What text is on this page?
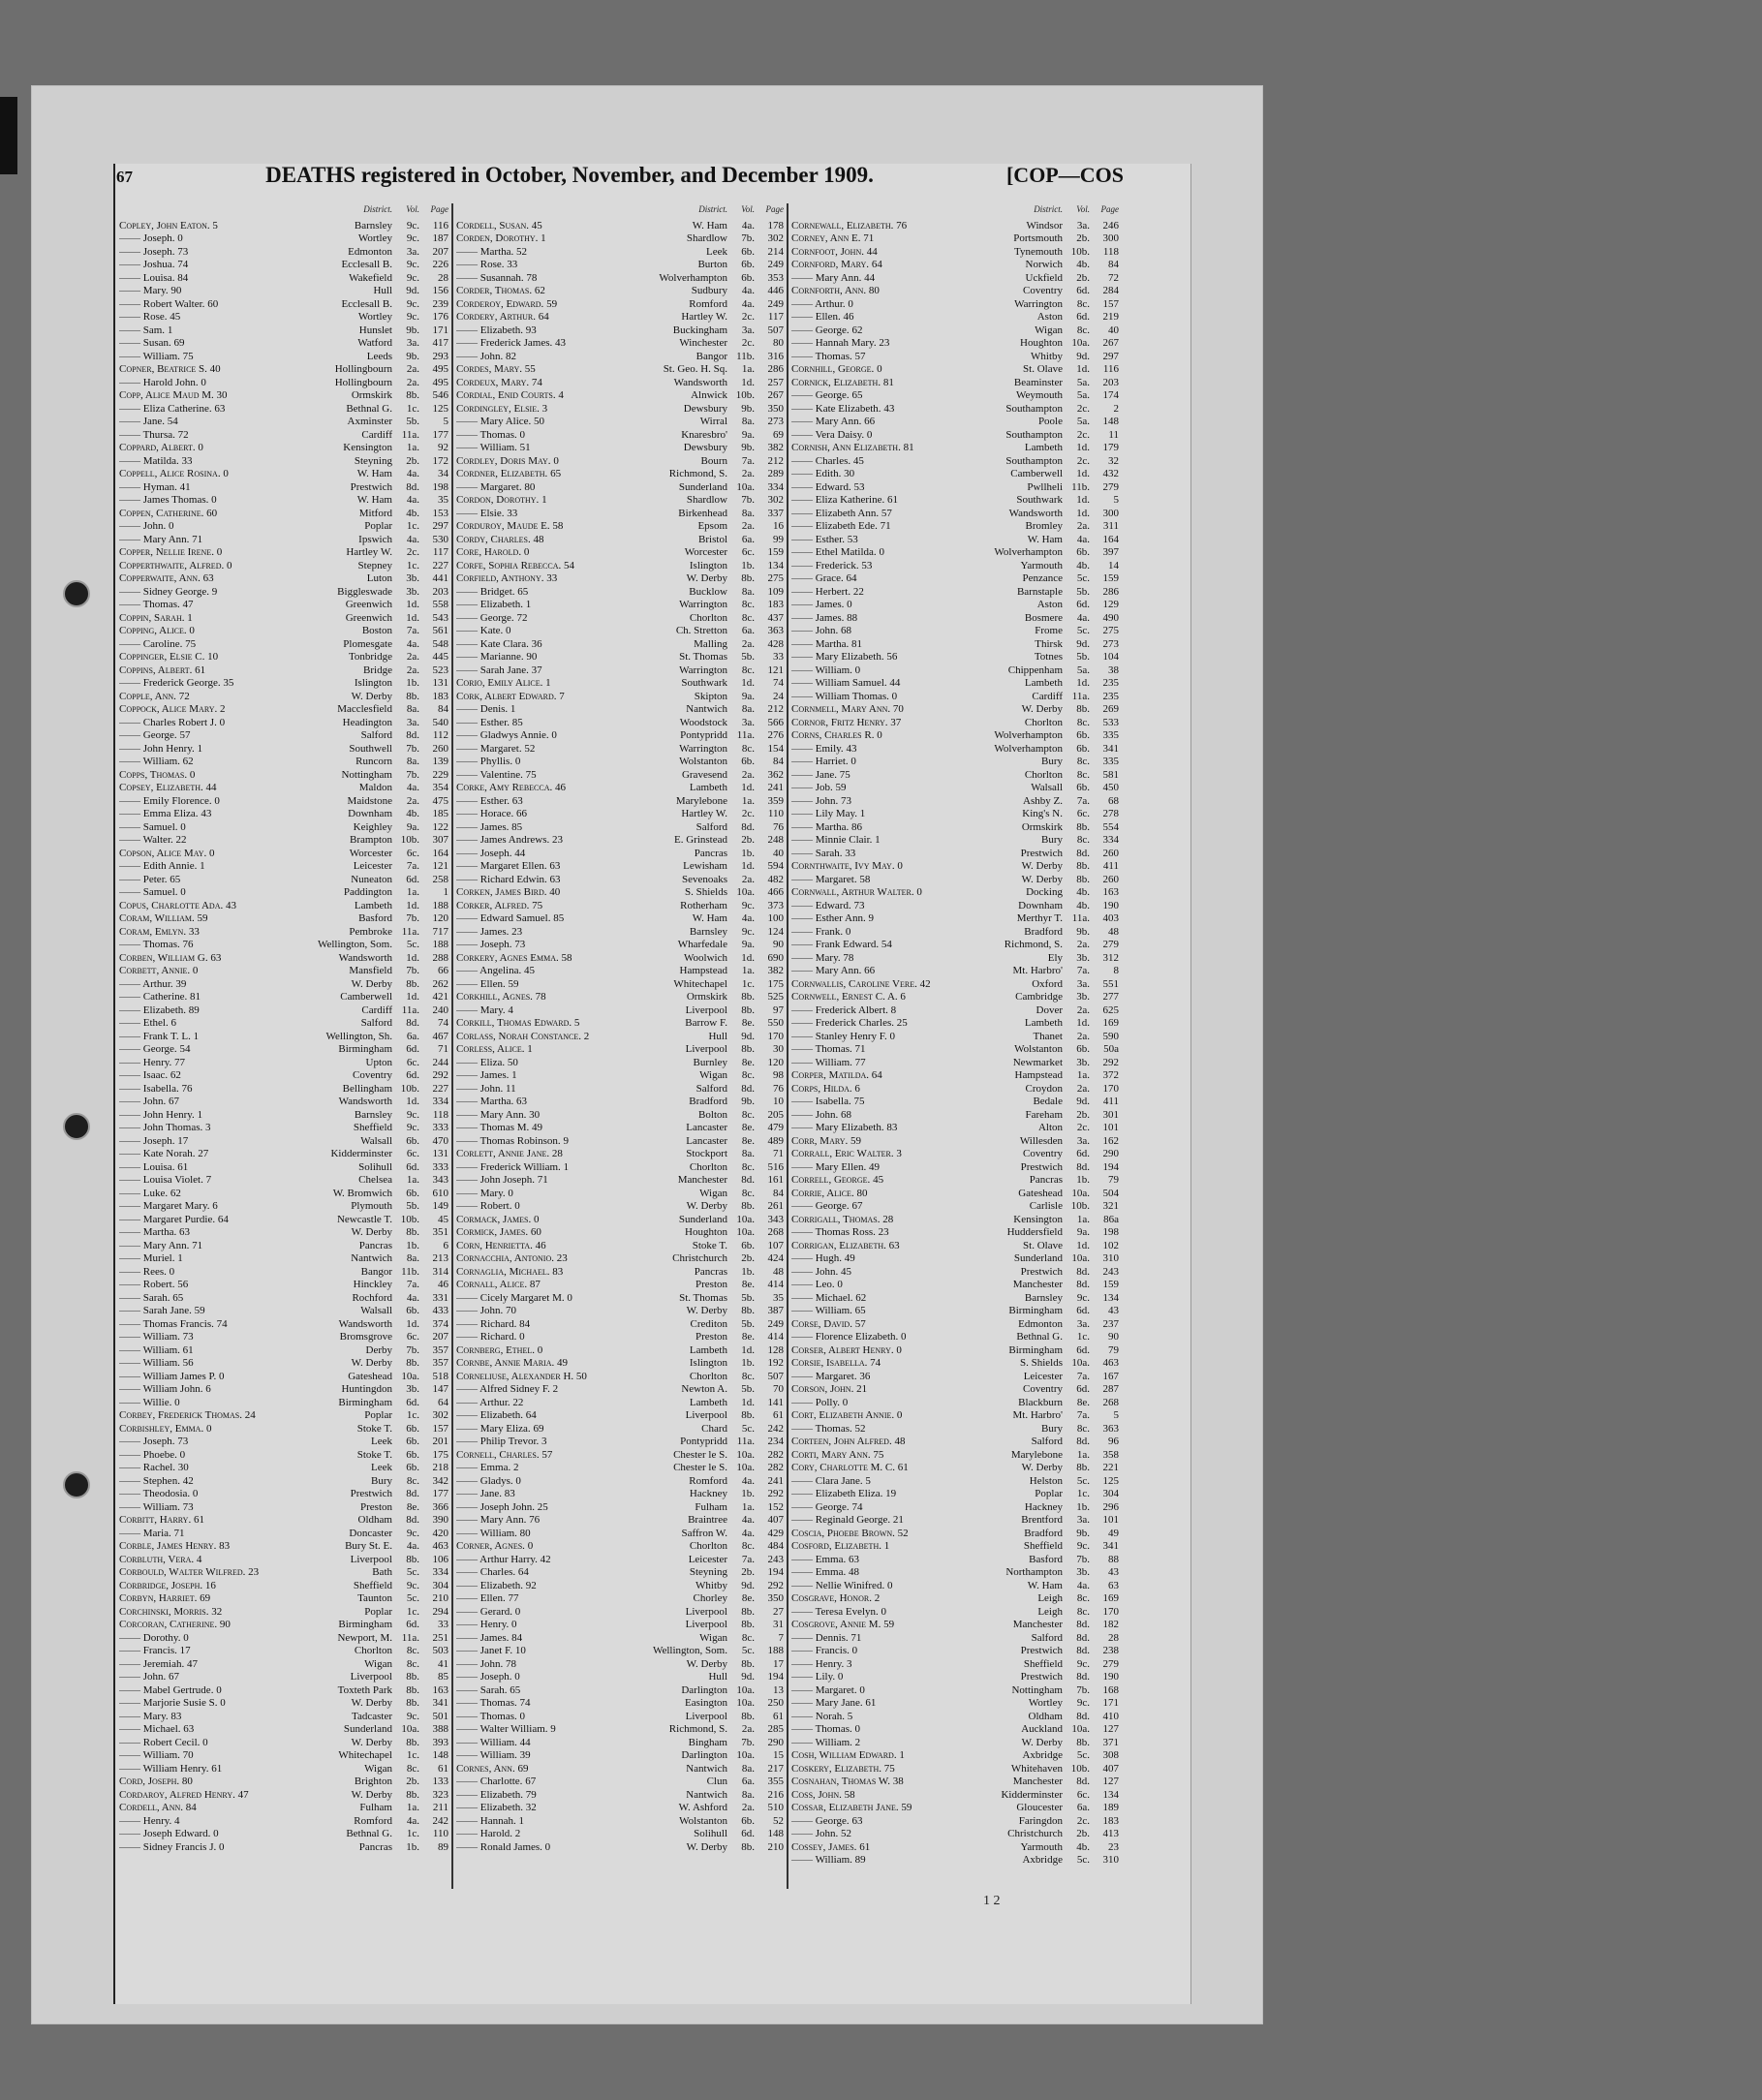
67	DEATHS registered in October, November, and December 1909.	[COP—COS
District.	Vol.	Page
Copley, John Eaton. 5	Barnsley	9c.	116
—— Joseph. 0	Wortley	9c.	187
—— Joseph. 73	Edmonton	3a.	207
—— Joshua. 74	Ecclesall B.	9c.	226
—— Louisa. 84	Wakefield	9c.	28
—— Mary. 90	Hull	9d.	156
—— Robert Walter. 60	Ecclesall B.	9c.	239
—— Rose. 45	Wortley	9c.	176
—— Sam. 1	Hunslet	9b.	171
—— Susan. 69	Watford	3a.	417
—— William. 75	Leeds	9b.	293
Copner, Beatrice S. 40	Hollingbourn	2a.	495
—— Harold John. 0	Hollingbourn	2a.	495
Copp, Alice Maud M. 30	Ormskirk	8b.	546
—— Eliza Catherine. 63	Bethnal G.	1c.	125
—— Jane. 54	Axminster	5b.	5
—— Thursa. 72	Cardiff 11a.	177
Coppard, Albert. 0	Kensington	1a.	92
—— Matilda. 33	Steyning	2b.	172
Coppell, Alice Rosina. 0	W. Ham	4a.	34
—— Hyman. 41	Prestwich	8d.	198
—— James Thomas. 0	W. Ham	4a.	35
Coppen, Catherine. 60	Mitford	4b.	153
—— John. 0	Poplar	1c.	297
—— Mary Ann. 71	Ipswich	4a.	530
Copper, Nellie Irene. 0	Hartley W.	2c.	117
Copperthwaite, Alfred. 0	Stepney	1c.	227
Copperwaite, Ann. 63	Luton	3b.	441
—— Sidney George. 9	Biggleswade	3b.	203
—— Thomas. 47	Greenwich	1d.	558
Coppin, Sarah. 1	Greenwich	1d.	543
Copping, Alice. 0	Boston	7a.	561
—— Caroline. 75	Plomesgate	4a.	548
Coppinger, Elsie C. 10	Tonbridge	2a.	445
Coppins, Albert. 61	Bridge	2a.	523
—— Frederick George. 35	Islington	1b.	131
Copple, Ann. 72	W. Derby	8b.	183
Coppock, Alice Mary. 2	Macclesfield	8a.	84
—— Charles Robert J. 0	Headington	3a.	540
—— George. 57	Salford	8d.	112
—— John Henry. 1	Southwell	7b.	260
—— William. 62	Runcorn	8a.	139
Copps, Thomas. 0	Nottingham	7b.	229
Copsey, Elizabeth. 44	Maldon	4a.	354
—— Emily Florence. 0	Maidstone	2a.	475
—— Emma Eliza. 43	Downham	4b.	185
—— Samuel. 0	Keighley	9a.	122
—— Walter. 22	Brampton 10b.	307
Copson, Alice May. 0	Worcester	6c.	164
—— Edith Annie. 1	Leicester	7a.	121
—— Peter. 65	Nuneaton	6d.	258
—— Samuel. 0	Paddington	1a.	1
Copus, Charlotte Ada. 43	Lambeth	1d.	188
Coram, William. 59	Basford	7b.	120
Coram, Emlyn. 33	Pembroke 11a.	717
—— Thomas. 76	Wellington, Som.	5c.	188
Corben, William G. 63	Wandsworth	1d.	288
Corbett, Annie. 0	Mansfield	7b.	66
—— Arthur. 39	W. Derby	8b.	262
—— Catherine. 81	Camberwell	1d.	421
—— Elizabeth. 89	Cardiff 11a.	240
—— Ethel. 6	Salford	8d.	74
—— Frank T. L. 1	Wellington, Sh.	6a.	467
—— George. 54	Birmingham	6d.	71
—— Henry. 77	Upton	6c.	244
—— Isaac. 62	Coventry	6d.	292
—— Isabella. 76	Bellingham 10b.	227
—— John. 67	Wandsworth	1d.	334
—— John Henry. 1	Barnsley	9c.	118
—— John Thomas. 3	Sheffield	9c.	333
—— Joseph. 17	Walsall	6b.	470
—— Kate Norah. 27	Kidderminster	6c.	131
—— Louisa. 61	Solihull	6d.	333
—— Louisa Violet. 7	Chelsea	1a.	343
—— Luke. 62	W. Bromwich	6b.	610
—— Margaret Mary. 6	Plymouth	5b.	149
—— Margaret Purdie. 64	Newcastle T. 10b.	45
—— Martha. 63	W. Derby	8b.	351
—— Mary Ann. 71	Pancras	1b.	6
—— Muriel. 1	Nantwich	8a.	213
—— Rees. 0	Bangor 11b.	314
—— Robert. 56	Hinckley	7a.	46
—— Sarah. 65	Rochford	4a.	331
—— Sarah Jane. 59	Walsall	6b.	433
—— Thomas Francis. 74	Wandsworth	1d.	374
—— William. 73	Bromsgrove	6c.	207
—— William. 61	Derby	7b.	357
—— William. 56	W. Derby	8b.	357
—— William James P. 0	Gateshead 10a.	518
—— William John. 6	Huntingdon	3b.	147
—— Willie. 0	Birmingham	6d.	64
Corbey, Frederick Thomas. 24	Poplar	1c.	302
Corbishley, Emma. 0	Stoke T.	6b.	157
—— Joseph. 73	Leek	6b.	201
—— Phoebe. 0	Stoke T.	6b.	175
—— Rachel. 30	Leek	6b.	218
—— Stephen. 42	Bury	8c.	342
—— Theodosia. 0	Prestwich	8d.	177
—— William. 73	Preston	8e.	366
Corbitt, Harry. 61	Oldham	8d.	390
—— Maria. 71	Doncaster	9c.	420
Corble, James Henry. 83	Bury St. E.	4a.	463
Corbluth, Vera. 4	Liverpool	8b.	106
Corbould, Walter Wilfred. 23	Bath	5c.	334
Corbridge, Joseph. 16	Sheffield	9c.	304
Corbyn, Harriet. 69	Taunton	5c.	210
Corchinski, Morris. 32	Poplar	1c.	294
Corcoran, Catherine. 90	Birmingham	6d.	33
—— Dorothy. 0	Newport, M. 11a.	251
—— Francis. 17	Chorlton	8c.	503
—— Jeremiah. 47	Wigan	8c.	41
—— John. 67	Liverpool	8b.	85
—— Mabel Gertrude. 0	Toxteth Park	8b.	163
—— Marjorie Susie S. 0	W. Derby	8b.	341
—— Mary. 83	Tadcaster	9c.	501
—— Michael. 63	Sunderland 10a.	388
—— Robert Cecil. 0	W. Derby	8b.	393
—— William. 70	Whitechapel	1c.	148
—— William Henry. 61	Wigan	8c.	61
Cord, Joseph. 80	Brighton	2b.	133
Cordaroy, Alfred Henry. 47	W. Derby	8b.	323
Cordell, Ann. 84	Fulham	1a.	211
—— Henry. 4	Romford	4a.	242
—— Joseph Edward. 0	Bethnal G.	1c.	110
—— Sidney Francis J. 0	Pancras	1b.	89
District.	Vol.	Page
Cordell, Susan. 45	W. Ham	4a.	178
Corden, Dorothy. 1	Shardlow	7b.	302
—— Martha. 52	Leek	6b.	214
—— Rose. 33	Burton	6b.	249
—— Susannah. 78	Wolverhampton	6b.	353
Corder, Thomas. 62	Sudbury	4a.	446
Corderoy, Edward. 59	Romford	4a.	249
Cordery, Arthur. 64	Hartley W.	2c.	117
—— Elizabeth. 93	Buckingham	3a.	507
—— Frederick James. 43	Winchester	2c.	80
—— John. 82	Bangor 11b.	316
Cordes, Mary. 55	St. Geo. H. Sq.	1a.	286
Cordeux, Mary. 74	Wandsworth	1d.	257
Cordial, Enid Courts. 4	Alnwick 10b.	267
Cordingley, Elsie. 3	Dewsbury	9b.	350
—— Mary Alice. 50	Wirral	8a.	273
—— Thomas. 0	Knaresbro'	9a.	69
—— William. 51	Dewsbury	9b.	382
Cordley, Doris May. 0	Bourn	7a.	212
Cordner, Elizabeth. 65	Richmond, S.	2a.	289
—— Margaret. 80	Sunderland 10a.	334
Cordon, Dorothy. 1	Shardlow	7b.	302
—— Elsie. 33	Birkenhead	8a.	337
Corduroy, Maude E. 58	Epsom	2a.	16
Cordy, Charles. 48	Bristol	6a.	99
Core, Harold. 0	Worcester	6c.	159
Corfe, Sophia Rebecca. 54	Islington	1b.	134
Corfield, Anthony. 33	W. Derby	8b.	275
—— Bridget. 65	Bucklow	8a.	109
—— Elizabeth. 1	Warrington	8c.	183
—— George. 72	Chorlton	8c.	437
—— Kate. 0	Ch. Stretton	6a.	363
—— Kate Clara. 36	Malling	2a.	428
—— Marianne. 90	St. Thomas	5b.	33
—— Sarah Jane. 37	Warrington	8c.	121
Corio, Emily Alice. 1	Southwark	1d.	74
Cork, Albert Edward. 7	Skipton	9a.	24
—— Denis. 1	Nantwich	8a.	212
—— Esther. 85	Woodstock	3a.	566
—— Gladwys Annie. 0	Pontypridd 11a.	276
—— Margaret. 52	Warrington	8c.	154
—— Phyllis. 0	Wolstanton	6b.	84
—— Valentine. 75	Gravesend	2a.	362
Corke, Amy Rebecca. 46	Lambeth	1d.	241
—— Esther. 63	Marylebone	1a.	359
—— Horace. 66	Hartley W.	2c.	110
—— James. 85	Salford	8d.	76
—— James Andrews. 23	E. Grinstead	2b.	248
—— Joseph. 44	Pancras	1b.	40
—— Margaret Ellen. 63	Lewisham	1d.	594
—— Richard Edwin. 63	Sevenoaks	2a.	482
Corken, James Bird. 40	S. Shields 10a.	466
Corker, Alfred. 75	Rotherham	9c.	373
—— Edward Samuel. 85	W. Ham	4a.	100
—— James. 23	Barnsley	9c.	124
—— Joseph. 73	Wharfedale	9a.	90
Corkery, Agnes Emma. 58	Woolwich	1d.	690
—— Angelina. 45	Hampstead	1a.	382
—— Ellen. 59	Whitechapel	1c.	175
Corkhill, Agnes. 78	Ormskirk	8b.	525
—— Mary. 4	Liverpool	8b.	97
Corkill, Thomas Edward. 5	Barrow F.	8e.	550
Corlass, Norah Constance. 2	Hull	9d.	170
Corless, Alice. 1	Liverpool	8b.	30
—— Eliza. 50	Burnley	8e.	120
—— James. 1	Wigan	8c.	98
—— John. 11	Salford	8d.	76
—— Martha. 63	Bradford	9b.	10
—— Mary Ann. 30	Bolton	8c.	205
—— Thomas M. 49	Lancaster	8e.	479
—— Thomas Robinson. 9	Lancaster	8e.	489
Corlett, Annie Jane. 28	Stockport	8a.	71
—— Frederick William. 1	Chorlton	8c.	516
—— John Joseph. 71	Manchester	8d.	161
—— Mary. 0	Wigan	8c.	84
—— Robert. 0	W. Derby	8b.	261
Cormack, James. 0	Sunderland 10a.	343
Cormick, James. 60	Houghton 10a.	268
Corn, Henrietta. 46	Stoke T.	6b.	107
Cornacchia, Antonio. 23	Christchurch	2b.	424
Cornaglia, Michael. 83	Pancras	1b.	48
Cornall, Alice. 87	Preston	8e.	414
—— Cicely Margaret M. 0	St. Thomas	5b.	35
—— John. 70	W. Derby	8b.	387
—— Richard. 84	Crediton	5b.	249
—— Richard. 0	Preston	8e.	414
Cornberg, Ethel. 0	Lambeth	1d.	128
Cornbe, Annie Maria. 49	Islington	1b.	192
Corneliuse, Alexander H. 50	Chorlton	8c.	507
—— Alfred Sidney F. 2	Newton A.	5b.	70
—— Arthur. 22	Lambeth	1d.	141
—— Elizabeth. 64	Liverpool	8b.	61
—— Mary Eliza. 69	Chard	5c.	242
—— Philip Trevor. 3	Pontypridd 11a.	234
Cornell, Charles. 57	Chester le S. 10a.	282
—— Emma. 2	Chester le S. 10a.	282
—— Gladys. 0	Romford	4a.	241
—— Jane. 83	Hackney	1b.	292
—— Joseph John. 25	Fulham	1a.	152
—— Mary Ann. 76	Braintree	4a.	407
—— William. 80	Saffron W.	4a.	429
Corner, Agnes. 0	Chorlton	8c.	484
—— Arthur Harry. 42	Leicester	7a.	243
—— Charles. 64	Steyning	2b.	194
—— Elizabeth. 92	Whitby	9d.	292
—— Ellen. 77	Chorley	8e.	350
—— Gerard. 0	Liverpool	8b.	27
—— Henry. 0	Liverpool	8b.	31
—— James. 84	Wigan	8c.	7
—— Janet F. 10	Wellington, Som.	5c.	188
—— John. 78	W. Derby	8b.	17
—— Joseph. 0	Hull	9d.	194
—— Sarah. 65	Darlington 10a.	13
—— Thomas. 74	Easington 10a.	250
—— Thomas. 0	Liverpool	8b.	61
—— Walter William. 9	Richmond, S.	2a.	285
—— William. 44	Bingham	7b.	290
—— William. 39	Darlington 10a.	15
Cornes, Ann. 69	Nantwich	8a.	217
—— Charlotte. 67	Clun	6a.	355
—— Elizabeth. 79	Nantwich	8a.	216
—— Elizabeth. 32	W. Ashford	2a.	510
—— Hannah. 1	Wolstanton	6b.	52
—— Harold. 2	Solihull	6d.	148
—— Ronald James. 0	W. Derby	8b.	210
District.	Vol.	Page
Cornewall, Elizabeth. 76	Windsor	3a.	246
Corney, Ann E. 71	Portsmouth	2b.	300
Cornfoot, John. 44	Tynemouth 10b.	118
Cornford, Mary. 64	Norwich	4b.	84
—— Mary Ann. 44	Uckfield	2b.	72
Cornforth, Ann. 80	Coventry	6d.	284
—— Arthur. 0	Warrington	8c.	157
—— Ellen. 46	Aston	6d.	219
—— George. 62	Wigan	8c.	40
—— Hannah Mary. 23	Houghton 10a.	267
—— Thomas. 57	Whitby	9d.	297
Cornhill, George. 0	St. Olave	1d.	116
Cornick, Elizabeth. 81	Beaminster	5a.	203
—— George. 65	Weymouth	5a.	174
—— Kate Elizabeth. 43	Southampton	2c.	2
—— Mary Ann. 66	Poole	5a.	148
—— Vera Daisy. 0	Southampton	2c.	11
Cornish, Ann Elizabeth. 81	Lambeth	1d.	179
—— Charles. 45	Southampton	2c.	32
—— Edith. 30	Camberwell	1d.	432
—— Edward. 53	Pwllheli 11b.	279
—— Eliza Katherine. 61	Southwark	1d.	5
—— Elizabeth Ann. 57	Wandsworth	1d.	300
—— Elizabeth Ede. 71	Bromley	2a.	311
—— Esther. 53	W. Ham	4a.	164
—— Ethel Matilda. 0	Wolverhampton	6b.	397
—— Frederick. 53	Yarmouth	4b.	14
—— Grace. 64	Penzance	5c.	159
—— Herbert. 22	Barnstaple	5b.	286
—— James. 0	Aston	6d.	129
—— James. 88	Bosmere	4a.	490
—— John. 68	Frome	5c.	275
—— Martha. 81	Thirsk	9d.	273
—— Mary Elizabeth. 56	Totnes	5b.	104
—— William. 0	Chippenham	5a.	38
—— William Samuel. 44	Lambeth	1d.	235
—— William Thomas. 0	Cardiff 11a.	235
Cornmell, Mary Ann. 70	W. Derby	8b.	269
Cornor, Fritz Henry. 37	Chorlton	8c.	533
Corns, Charles R. 0	Wolverhampton	6b.	335
—— Emily. 43	Wolverhampton	6b.	341
—— Harriet. 0	Bury	8c.	335
—— Jane. 75	Chorlton	8c.	581
—— Job. 59	Walsall	6b.	450
—— John. 73	Ashby Z.	7a.	68
—— Lily May. 1	King's N.	6c.	278
—— Martha. 86	Ormskirk	8b.	554
—— Minnie Clair. 1	Bury	8c.	334
—— Sarah. 33	Prestwich	8d.	260
Cornthwaite, Ivy May. 0	W. Derby	8b.	411
—— Margaret. 58	W. Derby	8b.	260
Cornwall, Arthur Walter. 0	Docking	4b.	163
—— Edward. 73	Downham	4b.	190
—— Esther Ann. 9	Merthyr T. 11a.	403
—— Frank. 0	Bradford	9b.	48
—— Frank Edward. 54	Richmond, S.	2a.	279
—— Mary. 78	Ely	3b.	312
—— Mary Ann. 66	Mt. Harbro'	7a.	8
Cornwallis, Caroline Vere. 42	Oxford	3a.	551
Cornwell, Ernest C. A. 6	Cambridge	3b.	277
—— Frederick Albert. 8	Dover	2a.	625
—— Frederick Charles. 25	Lambeth	1d.	169
—— Stanley Henry F. 0	Thanet	2a.	590
—— Thomas. 71	Wolstanton	6b.	50a
—— William. 77	Newmarket	3b.	292
Corper, Matilda. 64	Hampstead	1a.	372
Corps, Hilda. 6	Croydon	2a.	170
—— Isabella. 75	Bedale	9d.	411
—— John. 68	Fareham	2b.	301
—— Mary Elizabeth. 83	Alton	2c.	101
Corr, Mary. 59	Willesden	3a.	162
Corrall, Eric Walter. 3	Coventry	6d.	290
—— Mary Ellen. 49	Prestwich	8d.	194
Correll, George. 45	Pancras	1b.	79
Corrie, Alice. 80	Gateshead 10a.	504
—— George. 67	Carlisle 10b.	321
Corrigall, Thomas. 28	Kensington	1a.	86a
—— Thomas Ross. 23	Huddersfield	9a.	198
Corrigan, Elizabeth. 63	St. Olave	1d.	102
—— Hugh. 49	Sunderland 10a.	310
—— John. 45	Prestwich	8d.	243
—— Leo. 0	Manchester	8d.	159
—— Michael. 62	Barnsley	9c.	134
—— William. 65	Birmingham	6d.	43
Corse, David. 57	Edmonton	3a.	237
—— Florence Elizabeth. 0	Bethnal G.	1c.	90
Corser, Albert Henry. 0	Birmingham	6d.	79
Corsie, Isabella. 74	S. Shields 10a.	463
—— Margaret. 36	Leicester	7a.	167
Corson, John. 21	Coventry	6d.	287
—— Polly. 0	Blackburn	8e.	268
Cort, Elizabeth Annie. 0	Mt. Harbro'	7a.	5
—— Thomas. 52	Bury	8c.	363
Corteen, John Alfred. 48	Salford	8d.	96
Corti, Mary Ann. 75	Marylebone	1a.	358
Cory, Charlotte M. C. 61	W. Derby	8b.	221
—— Clara Jane. 5	Helston	5c.	125
—— Elizabeth Eliza. 19	Poplar	1c.	304
—— George. 74	Hackney	1b.	296
—— Reginald George. 21	Brentford	3a.	101
Coscia, Phoebe Brown. 52	Bradford	9b.	49
Cosford, Elizabeth. 1	Sheffield	9c.	341
—— Emma. 63	Basford	7b.	88
—— Emma. 48	Northampton	3b.	43
—— Nellie Winifred. 0	W. Ham	4a.	63
Cosgrave, Honor. 2	Leigh	8c.	169
—— Teresa Evelyn. 0	Leigh	8c.	170
Cosgrove, Annie M. 59	Manchester	8d.	182
—— Dennis. 71	Salford	8d.	28
—— Francis. 0	Prestwich	8d.	238
—— Henry. 3	Sheffield	9c.	279
—— Lily. 0	Prestwich	8d.	190
—— Margaret. 0	Nottingham	7b.	168
—— Mary Jane. 61	Wortley	9c.	171
—— Norah. 5	Oldham	8d.	410
—— Thomas. 0	Auckland 10a.	127
—— William. 2	W. Derby	8b.	371
Cosh, William Edward. 1	Axbridge	5c.	308
Coskery, Elizabeth. 75	Whitehaven 10b.	407
Cosnahan, Thomas W. 38	Manchester	8d.	127
Coss, John. 58	Kidderminster	6c.	134
Cossar, Elizabeth Jane. 59	Gloucester	6a.	189
—— George. 63	Faringdon	2c.	183
—— John. 52	Christchurch	2b.	413
Cossey, James. 61	Yarmouth	4b.	23
—— William. 89	Axbridge	5c.	310
1 2
